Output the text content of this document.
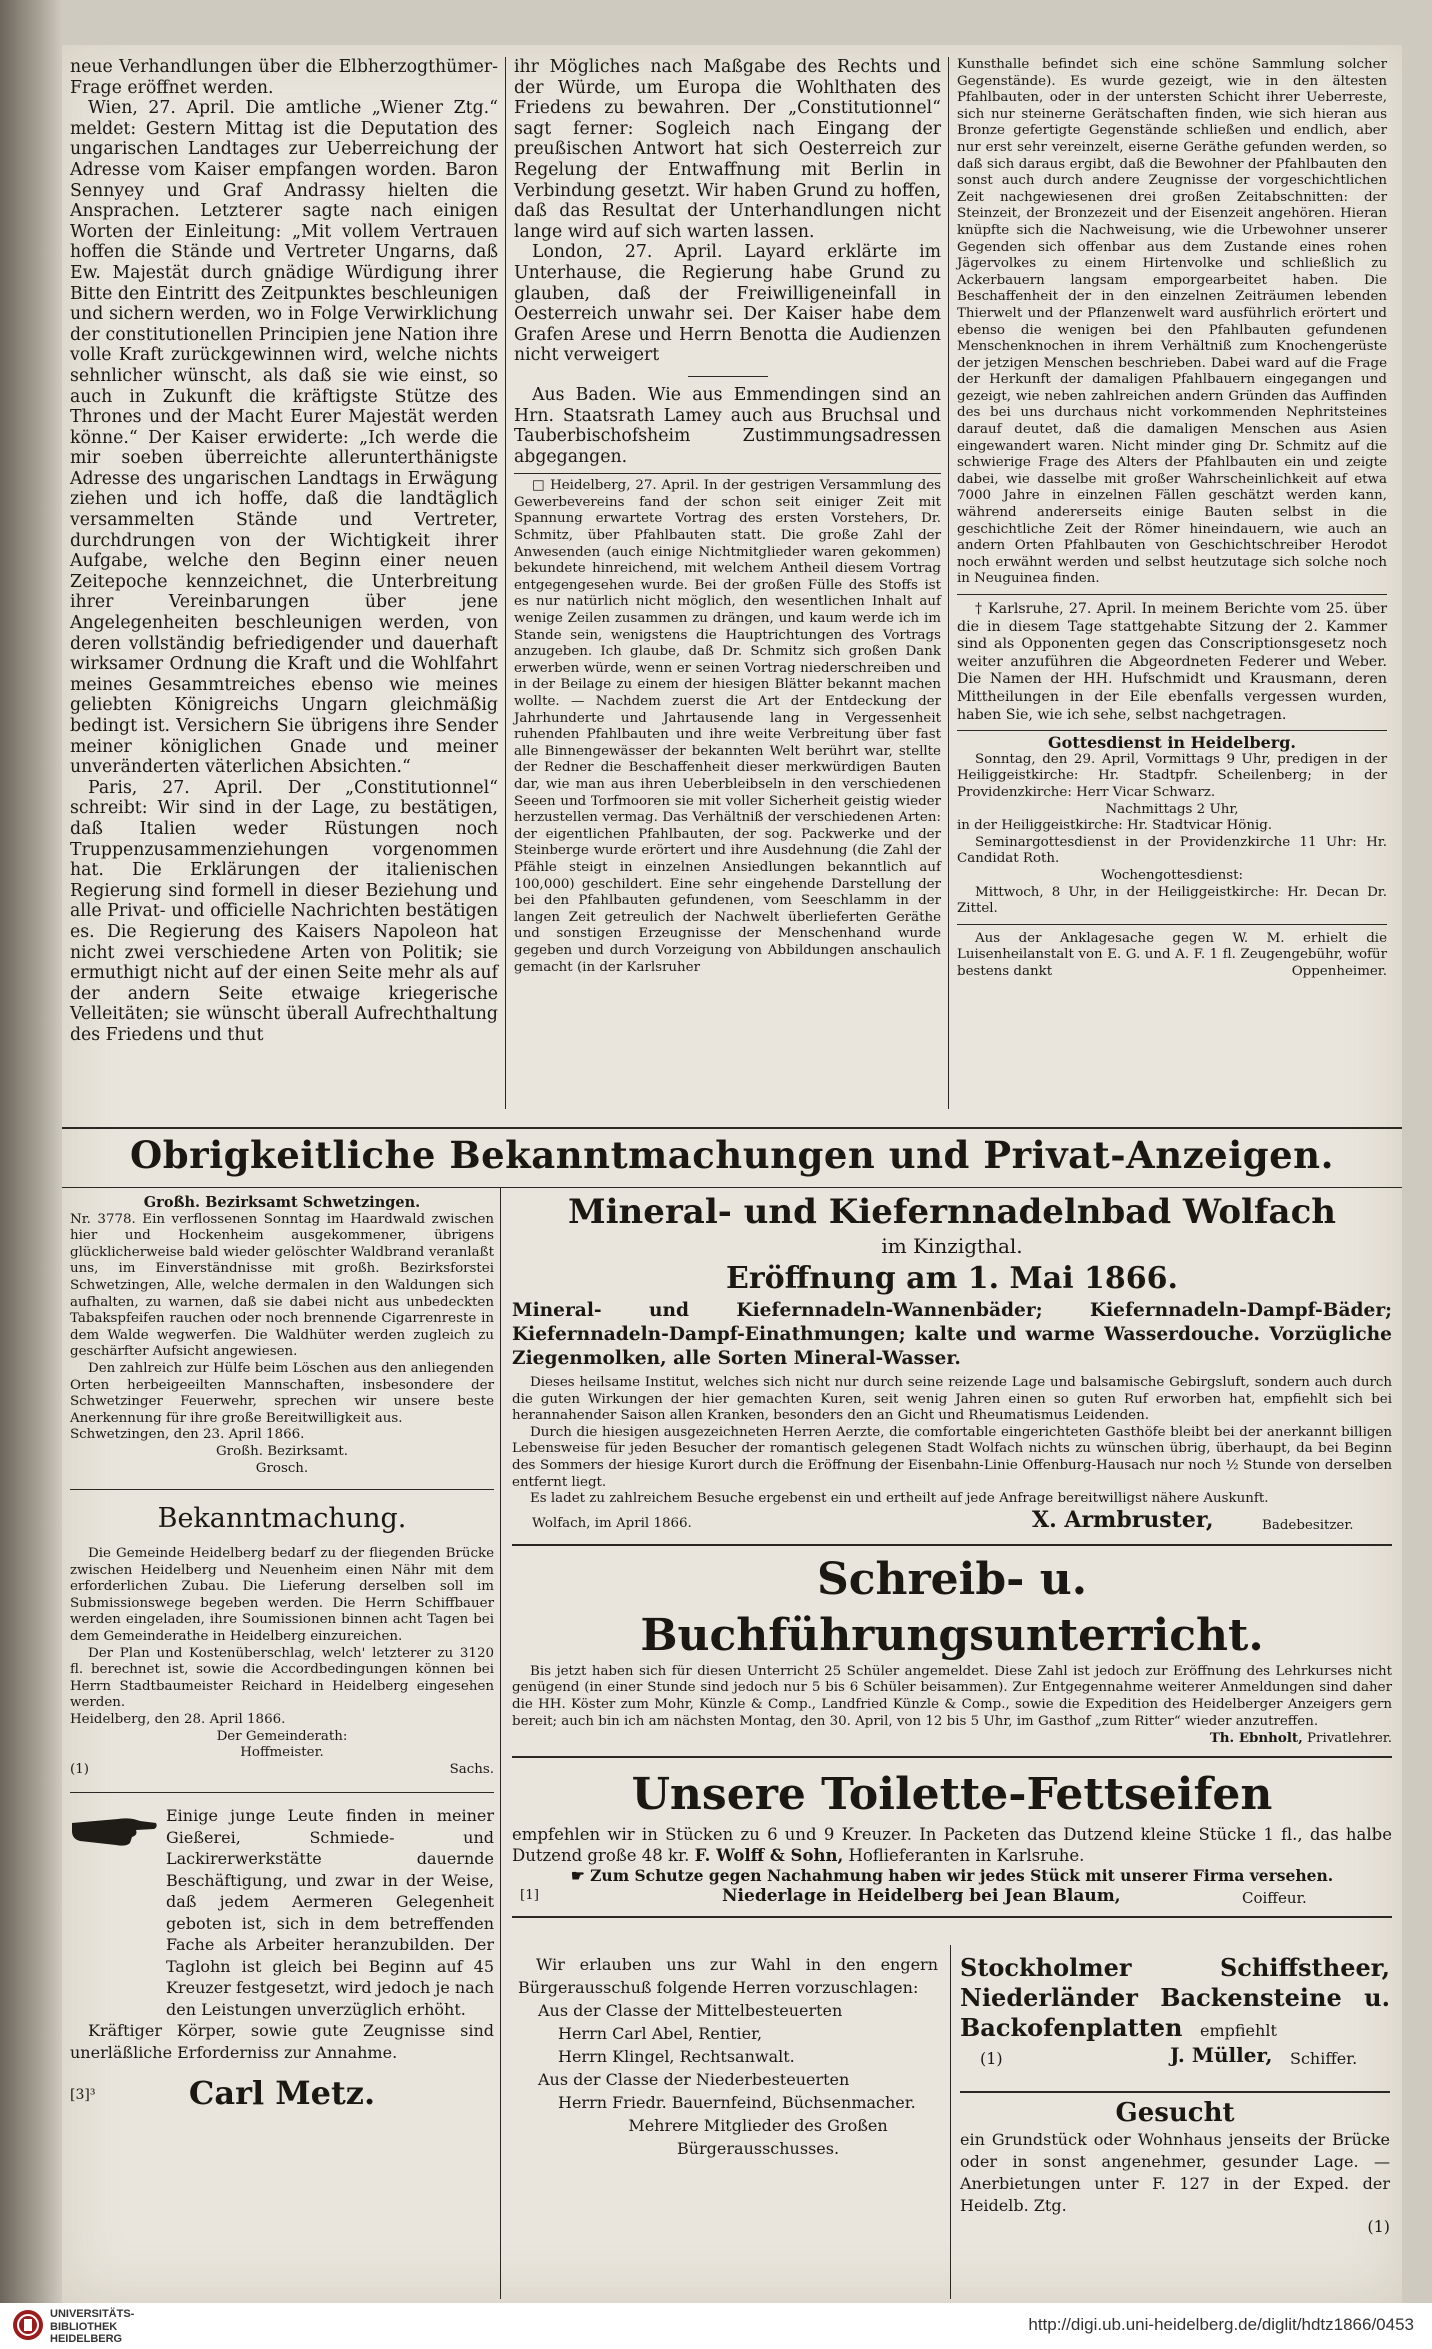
neue Verhandlungen über die Elbherzogthümer-Frage eröffnet werden.

Wien, 27. April. Die amtliche „Wiener Ztg.“ meldet: Gestern Mittag ist die Deputation des ungarischen Landtages zur Ueberreichung der Adresse vom Kaiser empfangen worden. Baron Sennyey und Graf Andrassy hielten die Ansprachen. Letzterer sagte nach einigen Worten der Einleitung: „Mit vollem Vertrauen hoffen die Stände und Vertreter Ungarns, daß Ew. Majestät durch gnädige Würdigung ihrer Bitte den Eintritt des Zeitpunktes beschleunigen und sichern werden, wo in Folge Verwirklichung der constitutionellen Principien jene Nation ihre volle Kraft zurückgewinnen wird, welche nichts sehnlicher wünscht, als daß sie wie einst, so auch in Zukunft die kräftigste Stütze des Thrones und der Macht Eurer Majestät werden könne.“ Der Kaiser erwiderte: „Ich werde die mir soeben überreichte allerunterthänigste Adresse des ungarischen Landtags in Erwägung ziehen und ich hoffe, daß die landtäglich versammelten Stände und Vertreter, durchdrungen von der Wichtigkeit ihrer Aufgabe, welche den Beginn einer neuen Zeitepoche kennzeichnet, die Unterbreitung ihrer Vereinbarungen über jene Angelegenheiten beschleunigen werden, von deren vollständig befriedigender und dauerhaft wirksamer Ordnung die Kraft und die Wohlfahrt meines Gesammtreiches ebenso wie meines geliebten Königreichs Ungarn gleichmäßig bedingt ist. Versichern Sie übrigens ihre Sender meiner königlichen Gnade und meiner unveränderten väterlichen Absichten.“

Paris, 27. April. Der „Constitutionnel“ schreibt: Wir sind in der Lage, zu bestätigen, daß Italien weder Rüstungen noch Truppenzusammenziehungen vorgenommen hat. Die Erklärungen der italienischen Regierung sind formell in dieser Beziehung und alle Privat- und officielle Nachrichten bestätigen es. Die Regierung des Kaisers Napoleon hat nicht zwei verschiedene Arten von Politik; sie ermuthigt nicht auf der einen Seite mehr als auf der andern Seite etwaige kriegerische Velleitäten; sie wünscht überall Aufrechthaltung des Friedens und thut

ihr Mögliches nach Maßgabe des Rechts und der Würde, um Europa die Wohlthaten des Friedens zu bewahren. Der „Constitutionnel“ sagt ferner: Sogleich nach Eingang der preußischen Antwort hat sich Oesterreich zur Regelung der Entwaffnung mit Berlin in Verbindung gesetzt. Wir haben Grund zu hoffen, daß das Resultat der Unterhandlungen nicht lange wird auf sich warten lassen.

London, 27. April. Layard erklärte im Unterhause, die Regierung habe Grund zu glauben, daß der Freiwilligeneinfall in Oesterreich unwahr sei. Der Kaiser habe dem Grafen Arese und Herrn Benotta die Audienzen nicht verweigert

Aus Baden. Wie aus Emmendingen sind an Hrn. Staatsrath Lamey auch aus Bruchsal und Tauberbischofsheim Zustimmungsadressen abgegangen.

□ Heidelberg, 27. April. In der gestrigen Versammlung des Gewerbevereins fand der schon seit einiger Zeit mit Spannung erwartete Vortrag des ersten Vorstehers, Dr. Schmitz, über Pfahlbauten statt. Die große Zahl der Anwesenden (auch einige Nichtmitglieder waren gekommen) bekundete hinreichend, mit welchem Antheil diesem Vortrag entgegengesehen wurde. Bei der großen Fülle des Stoffs ist es nur natürlich nicht möglich, den wesentlichen Inhalt auf wenige Zeilen zusammen zu drängen, und kaum werde ich im Stande sein, wenigstens die Hauptrichtungen des Vortrags anzugeben. Ich glaube, daß Dr. Schmitz sich großen Dank erwerben würde, wenn er seinen Vortrag niederschreiben und in der Beilage zu einem der hiesigen Blätter bekannt machen wollte. — Nachdem zuerst die Art der Entdeckung der Jahrhunderte und Jahrtausende lang in Vergessenheit ruhenden Pfahlbauten und ihre weite Verbreitung über fast alle Binnengewässer der bekannten Welt berührt war, stellte der Redner die Beschaffenheit dieser merkwürdigen Bauten dar, wie man aus ihren Ueberbleibseln in den verschiedenen Seeen und Torfmooren sie mit voller Sicherheit geistig wieder herzustellen vermag. Das Verhältniß der verschiedenen Arten: der eigentlichen Pfahlbauten, der sog. Packwerke und der Steinberge wurde erörtert und ihre Ausdehnung (die Zahl der Pfähle steigt in einzelnen Ansiedlungen bekanntlich auf 100,000) geschildert. Eine sehr eingehende Darstellung der bei den Pfahlbauten gefundenen, vom Seeschlamm in der langen Zeit getreulich der Nachwelt überlieferten Geräthe und sonstigen Erzeugnisse der Menschenhand wurde gegeben und durch Vorzeigung von Abbildungen anschaulich gemacht (in der Karlsruher

Kunsthalle befindet sich eine schöne Sammlung solcher Gegenstände). Es wurde gezeigt, wie in den ältesten Pfahlbauten, oder in der untersten Schicht ihrer Ueberreste, sich nur steinerne Gerätschaften finden, wie sich hieran aus Bronze gefertigte Gegenstände schließen und endlich, aber nur erst sehr vereinzelt, eiserne Geräthe gefunden werden, so daß sich daraus ergibt, daß die Bewohner der Pfahlbauten den sonst auch durch andere Zeugnisse der vorgeschichtlichen Zeit nachgewiesenen drei großen Zeitabschnitten: der Steinzeit, der Bronzezeit und der Eisenzeit angehören. Hieran knüpfte sich die Nachweisung, wie die Urbewohner unserer Gegenden sich offenbar aus dem Zustande eines rohen Jägervolkes zu einem Hirtenvolke und schließlich zu Ackerbauern langsam emporgearbeitet haben. Die Beschaffenheit der in den einzelnen Zeiträumen lebenden Thierwelt und der Pflanzenwelt ward ausführlich erörtert und ebenso die wenigen bei den Pfahlbauten gefundenen Menschenknochen in ihrem Verhältniß zum Knochengerüste der jetzigen Menschen beschrieben. Dabei ward auf die Frage der Herkunft der damaligen Pfahlbauern eingegangen und gezeigt, wie neben zahlreichen andern Gründen das Auffinden des bei uns durchaus nicht vorkommenden Nephritsteines darauf deutet, daß die damaligen Menschen aus Asien eingewandert waren. Nicht minder ging Dr. Schmitz auf die schwierige Frage des Alters der Pfahlbauten ein und zeigte dabei, wie dasselbe mit großer Wahrscheinlichkeit auf etwa 7000 Jahre in einzelnen Fällen geschätzt werden kann, während andererseits einige Bauten selbst in die geschichtliche Zeit der Römer hineindauern, wie auch an andern Orten Pfahlbauten von Geschichtschreiber Herodot noch erwähnt werden und selbst heutzutage sich solche noch in Neuguinea finden.

† Karlsruhe, 27. April. In meinem Berichte vom 25. über die in diesem Tage stattgehabte Sitzung der 2. Kammer sind als Opponenten gegen das Conscriptionsgesetz noch weiter anzuführen die Abgeordneten Federer und Weber. Die Namen der HH. Hufschmidt und Krausmann, deren Mittheilungen in der Eile ebenfalls vergessen wurden, haben Sie, wie ich sehe, selbst nachgetragen.

Gottesdienst in Heidelberg.

Sonntag, den 29. April, Vormittags 9 Uhr, predigen in der Heiliggeistkirche: Hr. Stadtpfr. Scheilenberg; in der Providenzkirche: Herr Vicar Schwarz.

Nachmittags 2 Uhr,

in der Heiliggeistkirche: Hr. Stadtvicar Hönig.

Seminargottesdienst in der Providenzkirche 11 Uhr: Hr. Candidat Roth.

Wochengottesdienst:

Mittwoch, 8 Uhr, in der Heiliggeistkirche: Hr. Decan Dr. Zittel.

Aus der Anklagesache gegen W. M. erhielt die Luisenheilanstalt von E. G. und A. F. 1 fl. Zeugengebühr, wofür bestens dankt	Oppenheimer.

Obrigkeitliche Bekanntmachungen und Privat-Anzeigen.

Großh. Bezirksamt Schwetzingen.

Nr. 3778. Ein verflossenen Sonntag im Haardwald zwischen hier und Hockenheim ausgekommener, übrigens glücklicherweise bald wieder gelöschter Waldbrand veranlaßt uns, im Einverständnisse mit großh. Bezirksforstei Schwetzingen, Alle, welche dermalen in den Waldungen sich aufhalten, zu warnen, daß sie dabei nicht aus unbedeckten Tabakspfeifen rauchen oder noch brennende Cigarrenreste in dem Walde wegwerfen. Die Waldhüter werden zugleich zu geschärfter Aufsicht angewiesen.

Den zahlreich zur Hülfe beim Löschen aus den anliegenden Orten herbeigeeilten Mannschaften, insbesondere der Schwetzinger Feuerwehr, sprechen wir unsere beste Anerkennung für ihre große Bereitwilligkeit aus.

Schwetzingen, den 23. April 1866.

Großh. Bezirksamt.

Grosch.

Bekanntmachung.

Die Gemeinde Heidelberg bedarf zu der fliegenden Brücke zwischen Heidelberg und Neuenheim einen Nähr mit dem erforderlichen Zubau. Die Lieferung derselben soll im Submissionswege begeben werden. Die Herrn Schiffbauer werden eingeladen, ihre Soumissionen binnen acht Tagen bei dem Gemeinderathe in Heidelberg einzureichen.

Der Plan und Kostenüberschlag, welch' letzterer zu 3120 fl. berechnet ist, sowie die Accordbedingungen können bei Herrn Stadtbaumeister Reichard in Heidelberg eingesehen werden.

Heidelberg, den 28. April 1866.

Der Gemeinderath:

Hoffmeister.

(1)	Sachs.

Einige junge Leute finden in meiner Gießerei, Schmiede- und Lackirerwerkstätte dauernde Beschäftigung, und zwar in der Weise, daß jedem Aermeren Gelegenheit geboten ist, sich in dem betreffenden Fache als Arbeiter heranzubilden. Der Taglohn ist gleich bei Beginn auf 45 Kreuzer festgesetzt, wird jedoch je nach den Leistungen unverzüglich erhöht.

Kräftiger Körper, sowie gute Zeugnisse sind unerläßliche Erforderniss zur Annahme.

[3]³	Carl Metz.

Mineral- und Kiefernnadelnbad Wolfach

im Kinzigthal.

Eröffnung am 1. Mai 1866.

Mineral- und Kiefernnadeln-Wannenbäder; Kiefernnadeln-Dampf-Bäder; Kiefernnadeln-Dampf-Einathmungen; kalte und warme Wasserdouche. Vorzügliche Ziegenmolken, alle Sorten Mineral-Wasser.

Dieses heilsame Institut, welches sich nicht nur durch seine reizende Lage und balsamische Gebirgsluft, sondern auch durch die guten Wirkungen der hier gemachten Kuren, seit wenig Jahren einen so guten Ruf erworben hat, empfiehlt sich bei herannahender Saison allen Kranken, besonders den an Gicht und Rheumatismus Leidenden.

Durch die hiesigen ausgezeichneten Herren Aerzte, die comfortable eingerichteten Gasthöfe bleibt bei der anerkannt billigen Lebensweise für jeden Besucher der romantisch gelegenen Stadt Wolfach nichts zu wünschen übrig, überhaupt, da bei Beginn des Sommers der hiesige Kurort durch die Eröffnung der Eisenbahn-Linie Offenburg-Hausach nur noch ½ Stunde von derselben entfernt liegt.

Es ladet zu zahlreichem Besuche ergebenst ein und ertheilt auf jede Anfrage bereitwilligst nähere Auskunft.

Wolfach, im April 1866.	X. Armbruster,	Badebesitzer.

Schreib- u. Buchführungsunterricht.

Bis jetzt haben sich für diesen Unterricht 25 Schüler angemeldet. Diese Zahl ist jedoch zur Eröffnung des Lehrkurses nicht genügend (in einer Stunde sind jedoch nur 5 bis 6 Schüler beisammen). Zur Entgegennahme weiterer Anmeldungen sind daher die HH. Köster zum Mohr, Künzle & Comp., Landfried Künzle & Comp., sowie die Expedition des Heidelberger Anzeigers gern bereit; auch bin ich am nächsten Montag, den 30. April, von 12 bis 5 Uhr, im Gasthof „zum Ritter“ wieder anzutreffen.

Th. Ebnholt, Privatlehrer.

Unsere Toilette-Fettseifen

empfehlen wir in Stücken zu 6 und 9 Kreuzer. In Packeten das Dutzend kleine Stücke 1 fl., das halbe Dutzend große 48 kr. F. Wolff & Sohn, Hoflieferanten in Karlsruhe.

☛ Zum Schutze gegen Nachahmung haben wir jedes Stück mit unserer Firma versehen.

[1]	Niederlage in Heidelberg bei Jean Blaum,	Coiffeur.

Wir erlauben uns zur Wahl in den engern Bürgerausschuß folgende Herren vorzuschlagen:

Aus der Classe der Mittelbesteuerten

Herrn Carl Abel, Rentier,

Herrn Klingel, Rechtsanwalt.

Aus der Classe der Niederbesteuerten

Herrn Friedr. Bauernfeind, Büchsenmacher.

Mehrere Mitglieder des Großen Bürgerausschusses.

Stockholmer Schiffstheer, Niederländer Backensteine u. Backofenplatten	empfiehlt
(1)	J. Müller, Schiffer.

Gesucht

ein Grundstück oder Wohnhaus jenseits der Brücke oder in sonst angenehmer, gesunder Lage. — Anerbietungen unter F. 127 in der Exped. der Heidelb. Ztg.

(1)

UNIVERSITÄTS-
BIBLIOTHEK
HEIDELBERG
http://digi.ub.uni-heidelberg.de/diglit/hdtz1866/0453
